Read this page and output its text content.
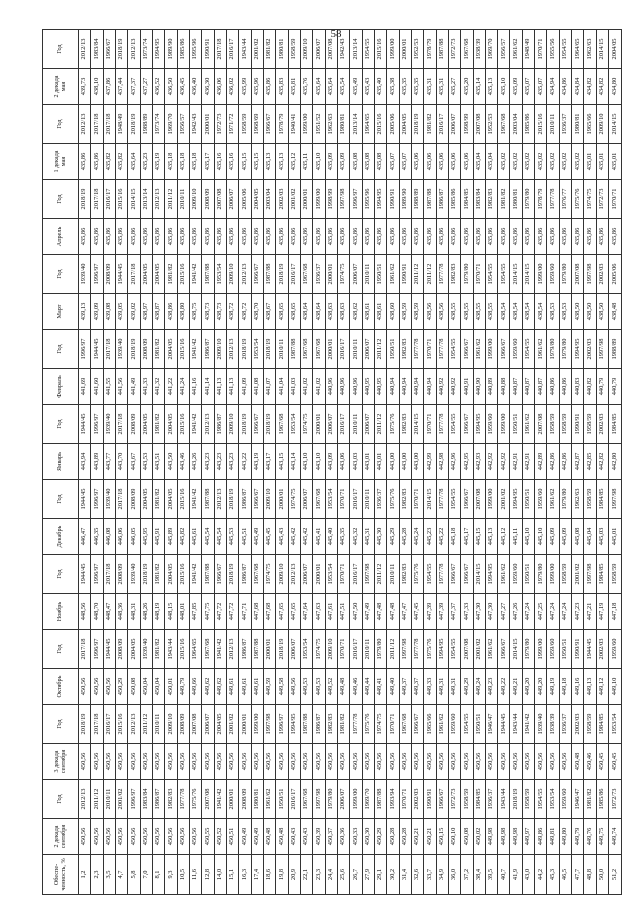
58
Обеспе-ченность, %	2 декада сентября	Год	3 декада сентября	Год	Октябрь	Год	Ноябрь	Год	Декабрь	Год	Январь	Год	Февраль	Год	Март	Год	Апрель	Год	1 декада мая	Год	2 декада мая	Год
1,2	450,56	2012/13	450,56	2018/19	450,56	2017/18	448,56	1944/45	446,47	1944/45	443,94	1944/45	441,69	1996/97	439,13	1939/40	435,86	2018/19	435,86	2012/13	439,73	2012/13
2,3	450,56	2011/12	450,56	2017/18	450,56	1996/97	448,70	1996/97	446,35	1996/97	443,89	1996/97	441,60	1944/45	439,09	1996/97	435,86	2017/18	435,86	2017/18	438,10	1983/84
3,5	450,56	2010/11	450,56	2016/17	450,56	1944/45	448,47	2017/18	446,08	1939/40	443,77	1939/40	441,55	2017/18	439,08	2008/09	435,86	2016/17	435,82	2017/18	437,86	1966/67
4,7	450,56	2001/02	450,56	2015/16	450,29	2008/09	448,36	2008/09	446,06	2017/18	443,70	2017/18	441,56	1939/40	439,05	1944/45	435,86	2015/16	435,82	1948/49	437,44	2018/19
5,8	450,56	1996/97	450,56	2012/13	450,08	2004/05	448,31	1939/40	446,05	2008/09	443,67	2008/09	441,49	2018/19	439,02	2017/18	435,86	2014/15	435,64	2018/19	437,37	2012/13
7,0	450,56	1983/84	450,56	2011/12	450,04	1939/40	448,26	2018/19	445,95	2004/05	443,53	2004/05	441,33	2008/09	438,97	2004/05	435,86	2013/14	435,23	1988/89	437,27	1973/74
8,1	450,56	1986/87	450,56	2010/11	450,04	1981/82	448,19	1981/82	445,91	1981/82	443,51	1981/82	441,32	1981/82	438,87	2004/05	435,86	2012/13	435,19	1973/74	436,52	1994/95
9,3	450,56	1982/83	450,56	2009/10	450,01	1943/44	448,15	2004/05	445,89	2004/05	443,50	2004/05	441,22	2004/05	438,86	1981/82	435,86	2011/12	435,18	1969/70	436,50	1989/90
10,5	450,56	1977/78	450,56	2008/09	449,79	2015/16	448,01	2015/16	445,82	2015/16	443,46	2015/16	441,24	2015/16	438,80	2015/16	435,86	2010/11	435,18	1956/57	436,45	1985/86
11,6	450,56	1975/76	450,56	2007/08	449,66	1964/65	447,85	1941/42	445,61	1941/42	443,26	1941/42	441,16	1941/42	438,75	1941/42	435,86	2009/10	435,18	1942/43	436,40	1995/96
12,8	450,55	2007/08	450,56	2006/07	449,62	1967/68	447,75	1987/88	445,54	1987/88	443,23	2012/13	441,14	1986/87	438,73	1987/88	435,86	2008/09	435,17	2000/01	436,30	1990/91
14,0	450,52	1941/42	450,56	2004/05	449,62	1941/42	447,72	1966/67	445,54	2012/13	443,23	1986/87	441,13	2009/10	438,73	1953/54	435,86	2007/08	435,16	1972/73	436,06	2017/18
15,1	450,51	2000/01	450,56	2001/02	449,61	2012/13	447,72	2018/19	445,53	2018/19	443,23	2009/10	441,13	2012/13	438,72	2009/10	435,86	2006/07	435,16	1971/72	436,02	2016/17
16,3	450,49	2008/09	450,56	2000/01	449,61	1986/87	447,71	1986/87	445,51	1986/87	443,22	2018/19	441,09	2018/19	438,72	2012/13	435,86	2005/06	435,15	1958/59	435,99	1943/44
17,4	450,49	1980/81	450,56	1999/00	449,61	1987/88	447,68	1967/68	445,49	1966/67	443,19	1966/67	441,08	1953/54	438,70	1966/67	435,86	2004/05	435,15	1968/69	435,96	2001/02
18,6	450,48	1961/62	450,56	1997/98	449,59	2000/01	447,68	1974/75	445,45	2009/10	443,17	2018/19	441,07	2018/19	438,67	1987/88	435,86	2003/04	435,13	1966/67	435,86	1981/82
19,8	450,48	1950/51	450,56	1996/97	449,58	2018/19	447,65	2009/10	445,43	2000/01	443,15	1967/68	441,04	2010/11	438,65	2018/19	435,86	2002/03	435,13	1978/79	435,83	1980/81
20,9	450,43	2016/17	450,56	1994/95	449,56	2006/07	447,65	2012/13	445,42	1974/75	443,14	1953/54	441,03	1987/88	438,65	2016/17	435,86	2001/02	435,12	1940/41	435,81	1958/59
22,1	450,43	1967/68	450,56	1987/88	449,53	1953/54	447,64	2006/07	445,42	2006/07	443,10	1974/75	441,02	1967/68	438,64	1967/68	435,86	2000/01	435,11	1999/00	435,76	2009/10
23,3	450,39	1997/98	450,56	1986/87	449,53	1974/75	447,63	2000/01	445,41	1967/68	443,10	2000/01	441,02	1967/68	438,64	1936/37	435,86	1999/00	435,10	1951/52	435,64	2006/07
24,4	450,37	1979/80	450,56	1982/83	449,52	2009/10	447,61	1953/54	445,40	1953/54	443,09	2006/07	440,96	2000/01	438,63	2000/01	435,86	1998/99	435,09	1962/63	435,64	2007/08
25,6	450,36	2006/07	450,56	1981/82	449,48	1970/71	447,51	1970/71	445,35	1970/71	443,06	2016/17	440,96	2016/17	438,63	1974/75	435,86	1997/98	435,09	1980/81	435,54	1942/43
26,7	450,33	1999/00	450,56	1977/78	449,46	2016/17	447,50	2016/17	445,32	2016/17	443,03	2010/11	440,96	2010/11	438,62	2006/07	435,86	1996/97	435,08	2013/14	435,49	2013/14
27,9	450,30	1969/70	450,56	1975/76	449,44	2010/11	447,49	1997/98	445,31	2010/11	443,01	2006/07	440,95	2006/07	438,61	2010/11	435,86	1995/96	435,08	1964/65	435,43	1954/55
29,1	450,29	1987/88	450,56	1974/75	449,41	1979/80	447,48	2011/12	445,30	1936/37	443,01	2011/12	440,95	2011/12	438,61	1950/51	435,86	1994/95	435,08	2015/16	435,40	2015/16
30,2	450,28	1993/94	450,56	1970/71	449,40	2011/12	447,48	2010/11	445,29	1975/76	443,00	1975/76	440,94	1950/51	438,60	1961/62	435,86	1990/91	435,07	2005/06	435,38	1999/00
31,4	450,28	1970/71	450,56	1967/68	449,37	1997/98	447,47	1982/83	445,28	1982/83	443,00	1982/83	440,94	1982/83	438,59	1990/91	435,86	1989/90	435,07	2004/05	435,35	2000/01
32,6	450,21	2002/03	450,56	1966/67	449,37	1977/78	447,45	1975/76	445,24	1970/71	443,00	2014/15	440,94	1977/78	438,59	2011/12	435,86	1988/89	435,06	2018/19	435,35	1952/53
33,7	450,21	1990/91	450,56	1965/66	449,33	1975/76	447,39	1954/55	445,23	2014/15	442,99	1970/71	440,94	1970/71	438,56	2011/12	435,86	1987/88	435,06	1981/82	435,31	1978/79
34,9	450,15	1966/67	450,56	1961/62	449,31	1994/95	447,39	1977/78	445,22	1977/78	442,98	1977/78	440,92	1977/78	438,56	1977/78	435,86	1986/87	435,06	2016/17	435,31	1987/88
36,0	450,10	1972/73	450,56	1959/60	449,31	1954/55	447,37	1966/67	445,18	1954/55	442,96	1954/55	440,92	1954/55	438,55	1982/83	435,86	1985/86	435,06	2006/07	435,27	1972/73
37,2	450,08	1958/59	450,56	1954/55	449,29	2007/08	447,33	1966/67	445,17	1966/67	442,95	1966/67	440,91	1966/67	438,55	1979/80	435,86	1984/85	435,06	1998/99	435,20	1967/68
38,4	450,02	1984/85	450,56	1950/51	449,24	2001/02	447,30	2014/15	445,15	2007/08	442,93	1994/95	440,90	1961/62	438,55	1970/71	435,86	1983/84	435,04	2007/08	435,14	1938/39
39,5	449,98	1936/37	450,56	1946/47	449,23	1961/62	447,30	1994/95	445,13	1999/00	442,92	1959/60	440,89	1999/00	438,55	1954/55	435,86	1982/83	435,04	1952/53	435,13	1969/70
40,7	449,98	1943/44	450,56	1944/45	449,22	1966/67	447,27	1961/62	445,12	2001/02	442,92	1999/00	440,88	1966/67	438,54	1954/55	435,86	1981/82	435,02	1967/68	435,10	1956/57
41,9	449,98	2018/19	450,56	1943/44	449,21	2014/15	447,26	1959/60	445,11	1994/95	442,91	1950/51	440,87	1959/60	438,54	2014/15	435,86	1980/81	435,02	2003/04	435,09	1961/62
43,0	449,97	1958/59	450,56	1941/42	449,20	1979/80	447,24	1950/51	445,10	1950/51	442,91	1961/62	440,87	1954/55	438,54	2014/15	435,86	1979/80	435,02	1985/86	435,07	1948/49
44,2	449,86	1954/55	450,56	1939/40	449,20	1999/00	447,25	1979/80	445,10	1959/60	442,89	2007/08	440,87	1961/62	438,54	1999/00	435,86	1978/79	435,02	2015/16	435,07	1970/71
45,3	449,81	1953/54	450,56	1938/39	449,19	1959/60	447,24	1999/00	445,09	1961/62	442,86	1958/59	440,86	1979/80	438,53	1959/60	435,86	1977/78	435,02	2010/11	434,94	1955/56
46,5	449,80	1959/60	450,56	1936/37	449,18	1950/51	447,24	1958/59	445,09	1979/80	442,86	1958/59	440,86	1979/80	438,53	1979/80	435,86	1976/77	435,02	1936/37	434,86	1954/55
47,7	449,79	1946/47	450,48	2002/03	449,16	1990/91	447,23	2001/02	445,08	1962/63	442,87	1990/91	440,83	1994/95	438,50	2007/08	435,86	1975/76	435,02	1980/81	434,84	1964/65
48,8	449,76	1981/82	450,46	1958/59	449,13	1944/45	447,21	1997/98	445,04	1958/59	442,85	1958/59	440,82	2002/03	438,50	1997/98	435,86	1974/75	435,01	1965/66	434,82	1962/63
50,0	449,75	1985/86	450,45	1984/85	449,12	2002/03	447,19	1984/85	445,03	1984/85	442,82	2002/03	440,79	1997/98	438,50	2002/03	435,86	1972/73	435,01	2009/10	434,82	2014/15
51,2	449,74	1972/73	450,45	1953/54	449,10	1959/60	447,18	1958/59	445,01	1997/98	442,80	1984/85	440,79	1988/89	438,48	2005/06	435,86	1970/71	435,01	2014/15	434,80	2004/05
